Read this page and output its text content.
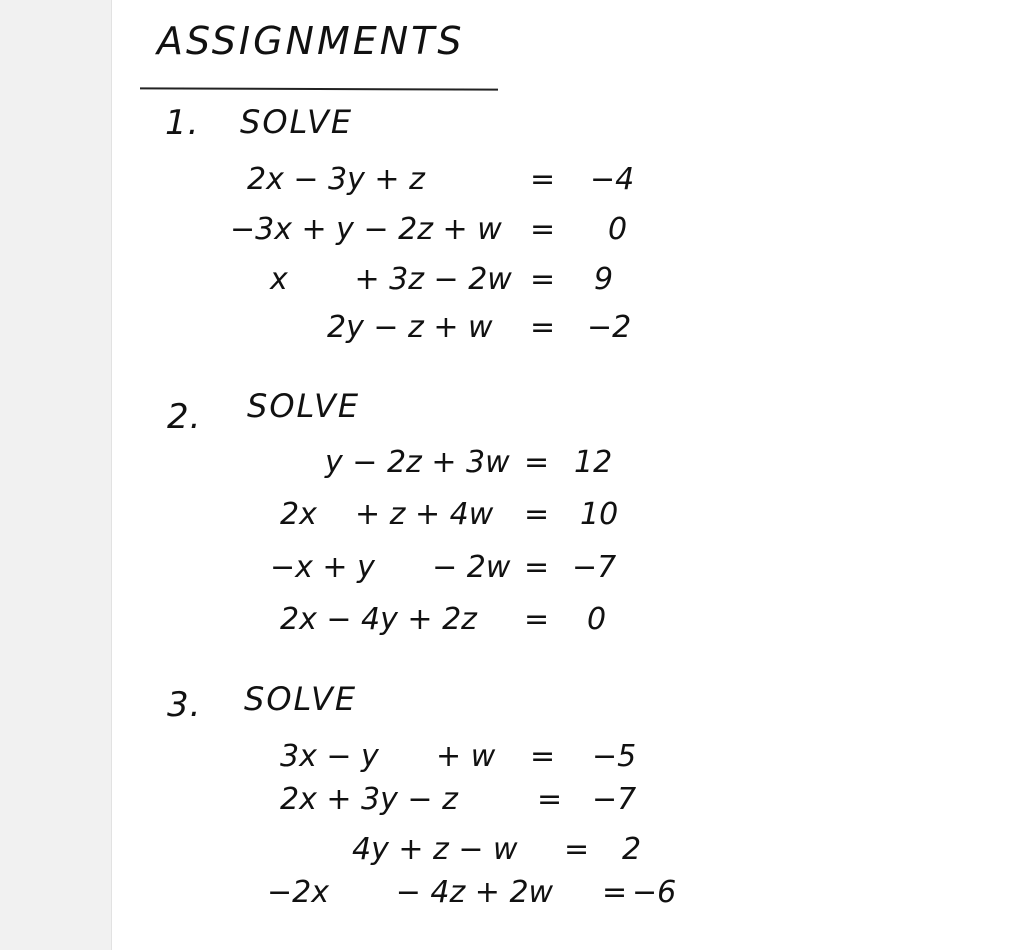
ASSIGNMENTS
1. SOLVE

2x − 3y + z

	=

−4

−3x + y − 2z + w

=

0

x       + 3z − 2w

=

9

2y − z + w

=

−2

2. SOLVE

y − 2z + 3w

=

12

2x    + z + 4w

=

10

−x + y      − 2w

=

−7

2x − 4y + 2z

=

0

3. SOLVE

3x − y      + w

=

−5

2x + 3y − z

	=

−7

4y + z − w

=

2

−2x       − 4z + 2w

=

−6
